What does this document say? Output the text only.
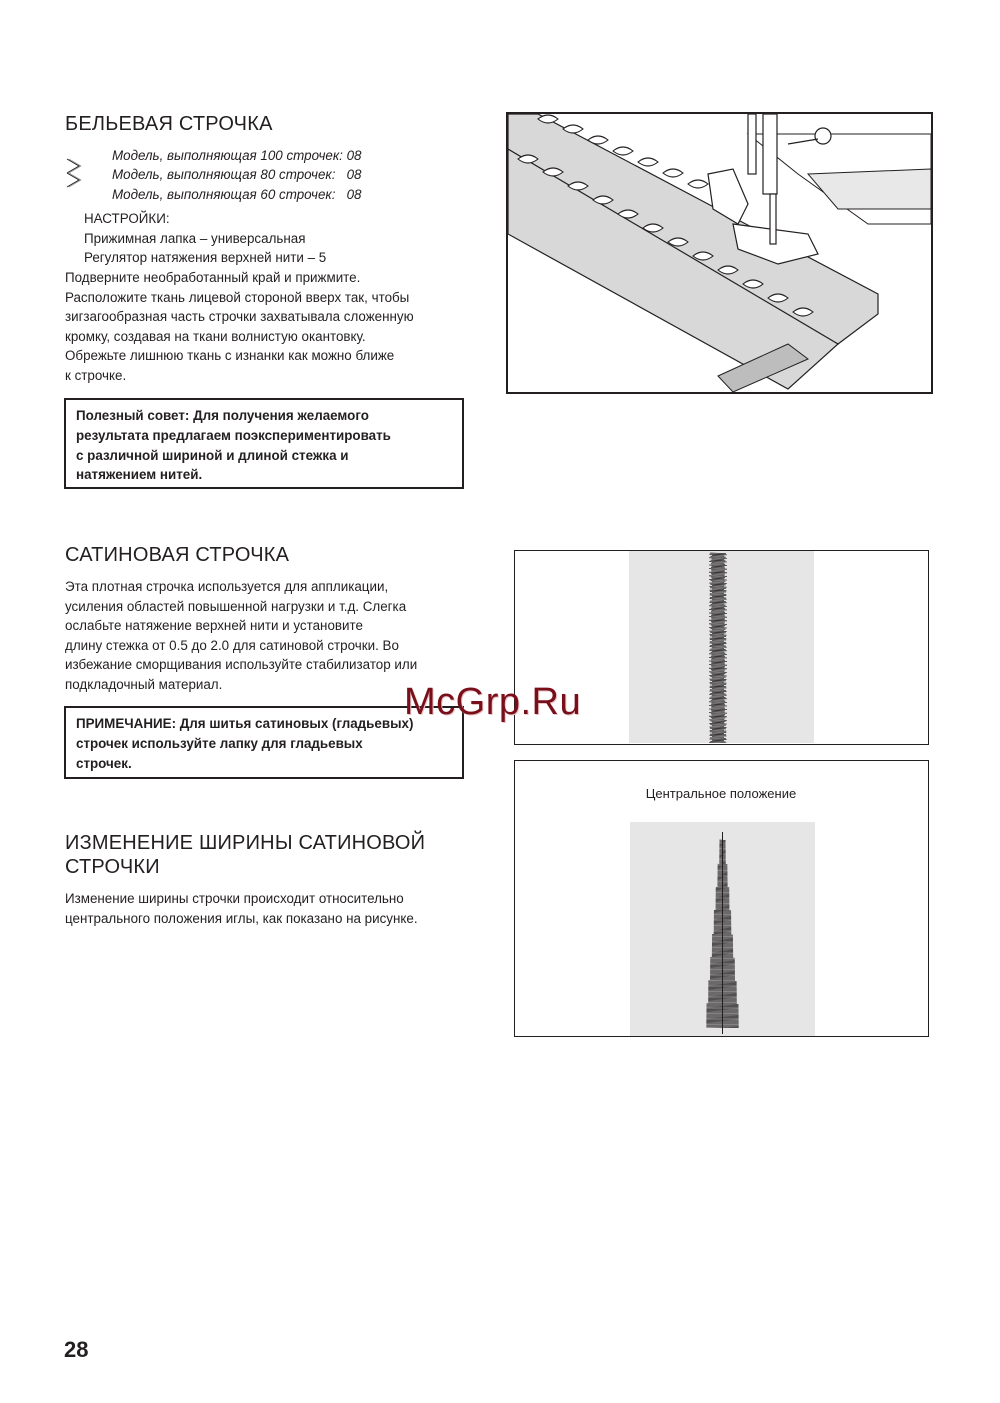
БЕЛЬЕВАЯ СТРОЧКА
Модель, выполняющая 100 строчек: 08
Модель, выполняющая 80 строчек:   08
Модель, выполняющая 60 строчек:   08
НАСТРОЙКИ:
Прижимная лапка – универсальная
Регулятор натяжения верхней нити – 5
Подверните необработанный край и прижмите.
Расположите ткань лицевой стороной вверх так, чтобы
зигзагообразная часть строчки захватывала сложенную
кромку, создавая на ткани волнистую окантовку.
Обрежьте лишнюю ткань с изнанки как можно ближе
к строчке.
Полезный совет: Для получения желаемого
результата предлагаем поэкспериментировать
с различной шириной и длиной стежка и
натяжением нитей.
САТИНОВАЯ СТРОЧКА
Эта плотная строчка используется для аппликации,
усиления областей повышенной нагрузки и т.д. Слегка
ослабьте натяжение верхней нити и установите
длину стежка от 0.5 до 2.0 для сатиновой строчки. Во
избежание сморщивания используйте стабилизатор или
подкладочный материал.
ПРИМЕЧАНИЕ: Для шитья сатиновых (гладьевых)
строчек используйте лапку для гладьевых
строчек.
ИЗМЕНЕНИЕ ШИРИНЫ САТИНОВОЙ
СТРОЧКИ
Изменение ширины строчки происходит относительно
центрального положения иглы, как показано на рисунке.
Центральное положение
McGrp.Ru
28
